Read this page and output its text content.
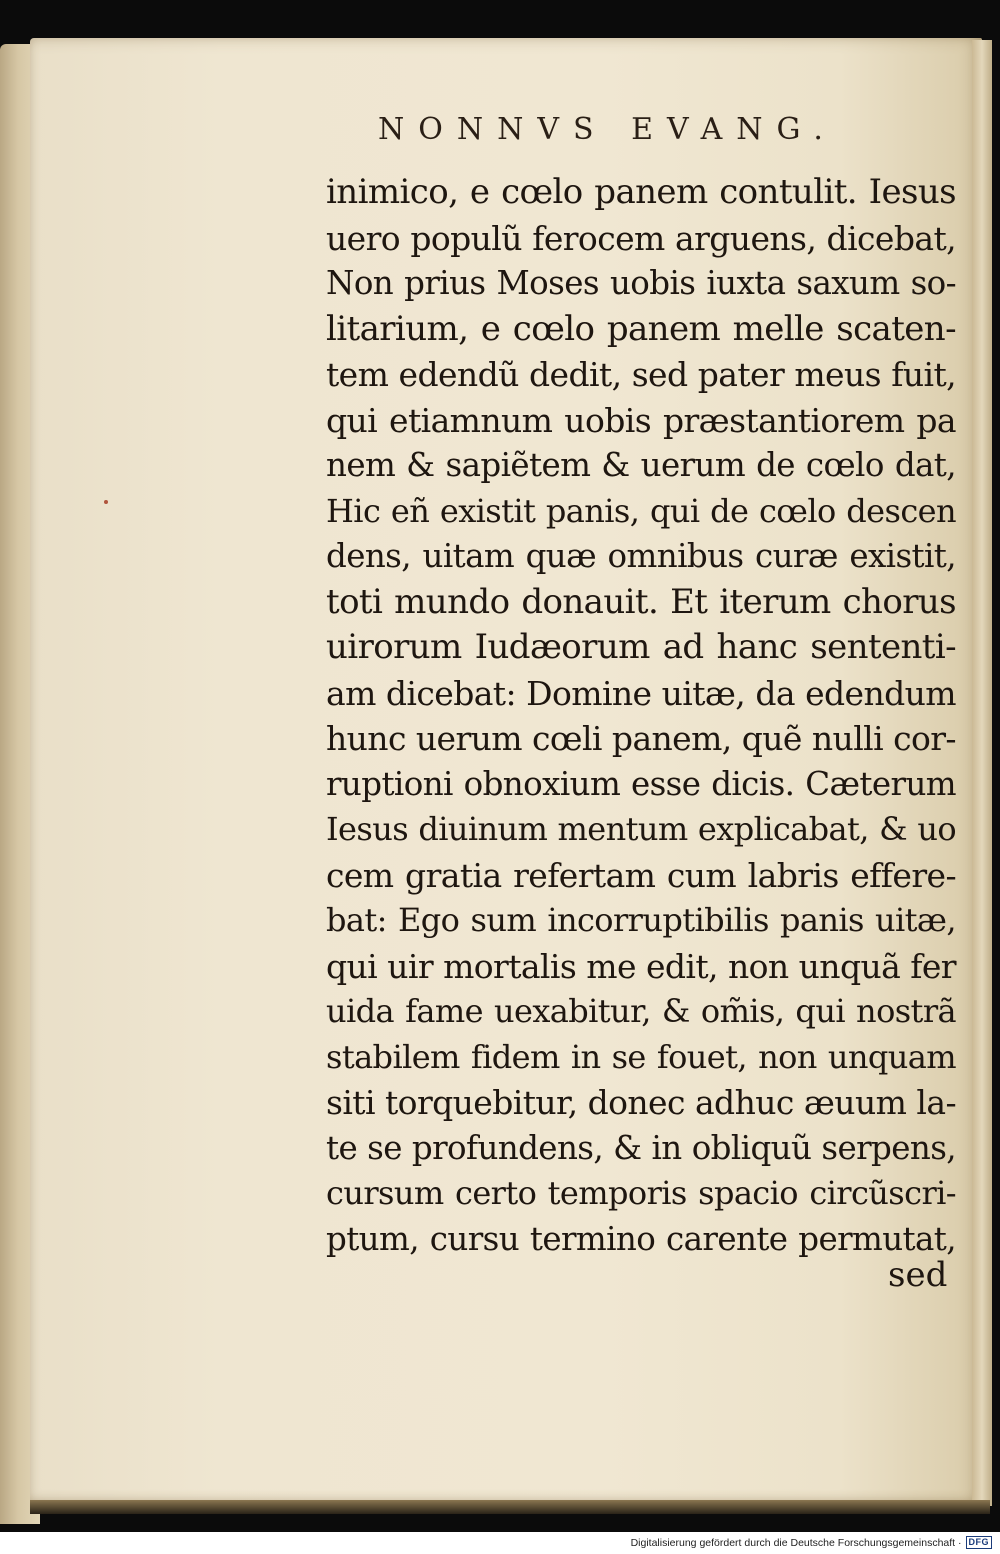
NONNVS EVANG.
inimico, e cœlo panem contulit. Iesus
uero populũ ferocem arguens, dicebat,
Non prius Moses uobis iuxta saxum so-
litarium, e cœlo panem melle scaten-
tem edendũ dedit, sed pater meus fuit,
qui etiamnum uobis præstantiorem pa
nem & sapiẽtem & uerum de cœlo dat,
Hic eñ existit panis, qui de cœlo descen
dens, uitam quæ omnibus curæ existit,
toti mundo donauit. Et iterum chorus
uirorum Iudæorum ad hanc sententi-
am dicebat: Domine uitæ, da edendum
hunc uerum cœli panem, quẽ nulli cor-
ruptioni obnoxium esse dicis. Cæterum
Iesus diuinum mentum explicabat, & uo
cem gratia refertam cum labris effere-
bat: Ego sum incorruptibilis panis uitæ,
qui uir mortalis me edit, non unquã fer
uida fame uexabitur, & om̃is, qui nostrã
stabilem fidem in se fouet, non unquam
siti torquebitur, donec adhuc æuum la-
te se profundens, & in obliquũ serpens,
cursum certo temporis spacio circũscri-
ptum, cursu termino carente permutat,
sed
Digitalisierung gefördert durch die Deutsche Forschungsgemeinschaft · DFG
